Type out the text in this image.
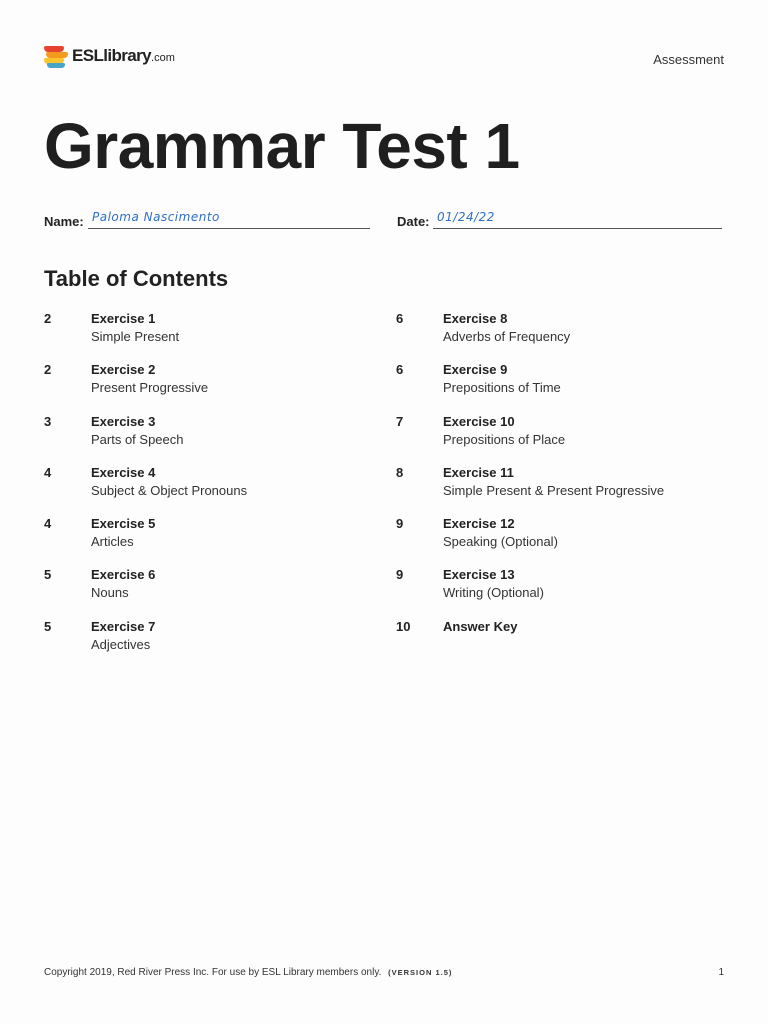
ESLlibrary.com	Assessment
Grammar Test 1
Name: Paloma Nascimento	Date: 01/24/22
Table of Contents
2	Exercise 1
Simple Present
2	Exercise 2
Present Progressive
3	Exercise 3
Parts of Speech
4	Exercise 4
Subject & Object Pronouns
4	Exercise 5
Articles
5	Exercise 6
Nouns
5	Exercise 7
Adjectives
6	Exercise 8
Adverbs of Frequency
6	Exercise 9
Prepositions of Time
7	Exercise 10
Prepositions of Place
8	Exercise 11
Simple Present & Present Progressive
9	Exercise 12
Speaking (Optional)
9	Exercise 13
Writing (Optional)
10	Answer Key
Copyright 2019, Red River Press Inc. For use by ESL Library members only. (VERSION 1.5)	1
